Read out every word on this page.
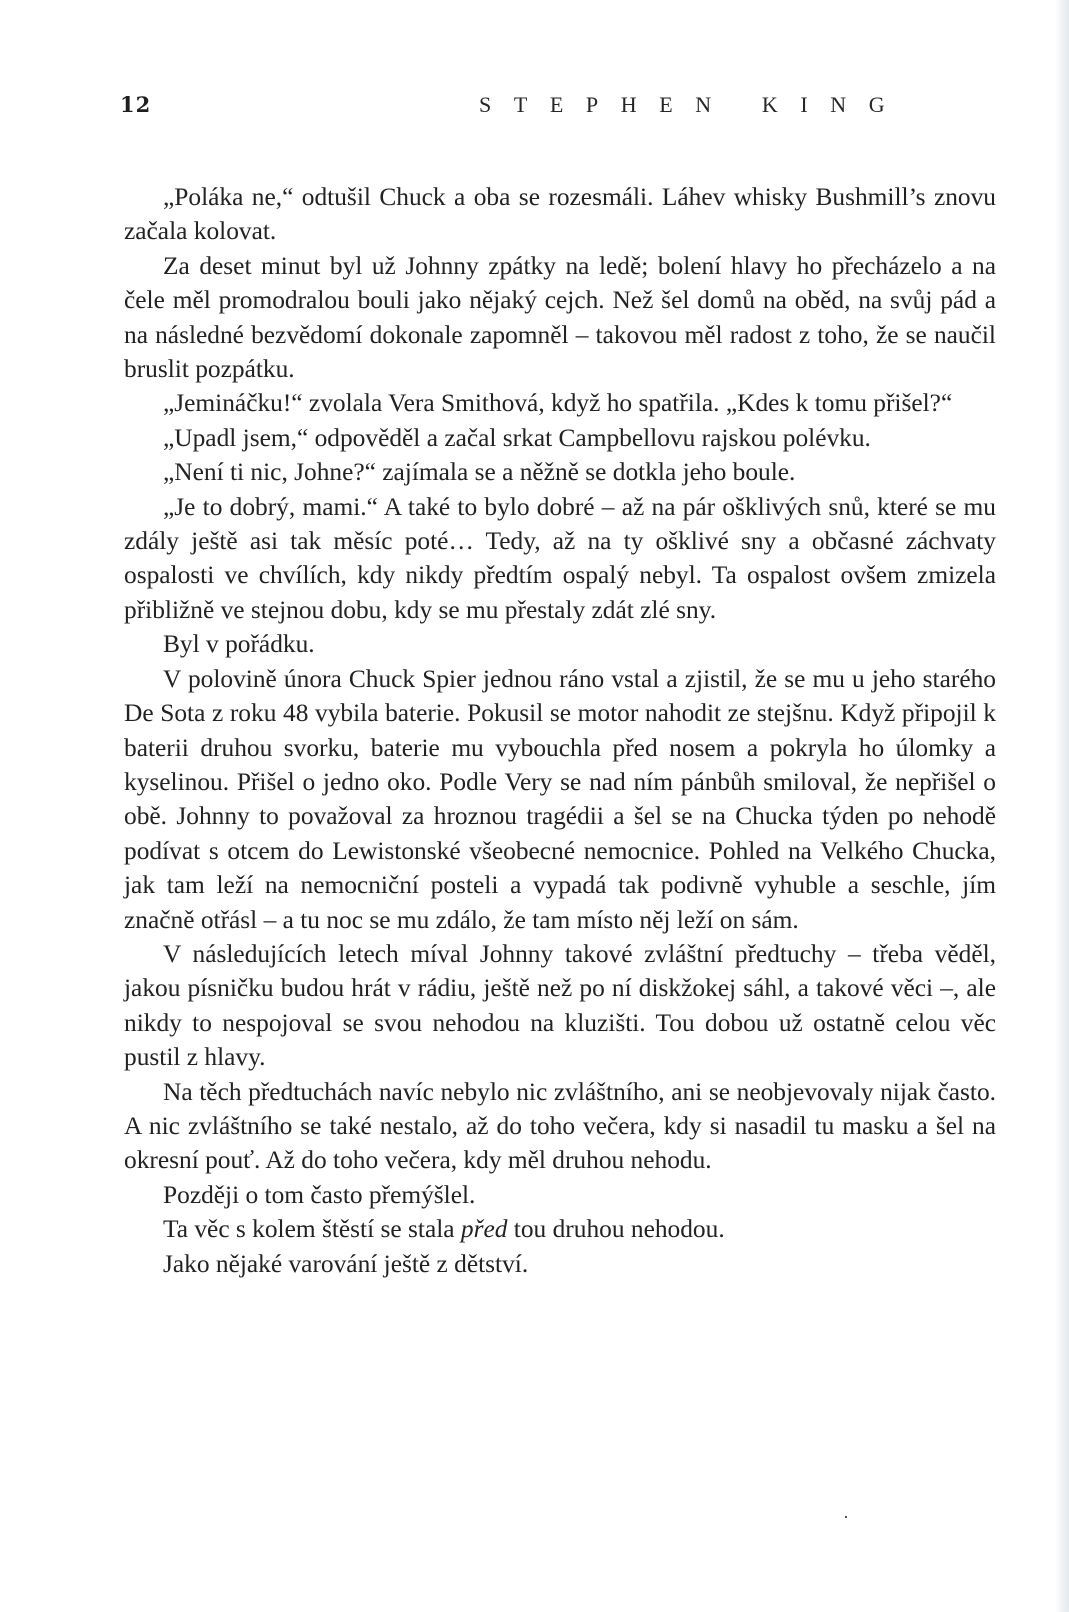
12	STEPHEN KING

„Poláka ne,“ odtušil Chuck a oba se rozesmáli. Láhev whisky Bushmill’s znovu začala kolovat.

Za deset minut byl už Johnny zpátky na ledě; bolení hlavy ho přecházelo a na čele měl promodralou bouli jako nějaký cejch. Než šel domů na oběd, na svůj pád a na následné bezvědomí dokonale zapomněl – takovou měl radost z toho, že se naučil bruslit pozpátku.

„Jemináčku!“ zvolala Vera Smithová, když ho spatřila. „Kdes k tomu přišel?“

„Upadl jsem,“ odpověděl a začal srkat Campbellovu rajskou polévku.

„Není ti nic, Johne?“ zajímala se a něžně se dotkla jeho boule.

„Je to dobrý, mami.“ A také to bylo dobré – až na pár ošklivých snů, které se mu zdály ještě asi tak měsíc poté… Tedy, až na ty ošklivé sny a občasné záchvaty ospalosti ve chvílích, kdy nikdy předtím ospalý nebyl. Ta ospalost ovšem zmizela přibližně ve stejnou dobu, kdy se mu přestaly zdát zlé sny.

Byl v pořádku.

V polovině února Chuck Spier jednou ráno vstal a zjistil, že se mu u jeho starého De Sota z roku 48 vybila baterie. Pokusil se motor nahodit ze stejšnu. Když připojil k baterii druhou svorku, baterie mu vybouchla před nosem a pokryla ho úlomky a kyselinou. Přišel o jedno oko. Podle Very se nad ním pánbůh smiloval, že nepřišel o obě. Johnny to považoval za hroznou tragédii a šel se na Chucka týden po nehodě podívat s otcem do Lewistonské všeobecné nemocnice. Pohled na Velkého Chucka, jak tam leží na nemocniční posteli a vypadá tak podivně vyhuble a seschle, jím značně otřásl – a tu noc se mu zdálo, že tam místo něj leží on sám.

V následujících letech míval Johnny takové zvláštní předtuchy – třeba věděl, jakou písničku budou hrát v rádiu, ještě než po ní diskžokej sáhl, a takové věci –, ale nikdy to nespojoval se svou nehodou na kluzišti. Tou dobou už ostatně celou věc pustil z hlavy.

Na těch předtuchách navíc nebylo nic zvláštního, ani se neobjevovaly nijak často. A nic zvláštního se také nestalo, až do toho večera, kdy si nasadil tu masku a šel na okresní pouť. Až do toho večera, kdy měl druhou nehodu.

Později o tom často přemýšlel.

Ta věc s kolem štěstí se stala před tou druhou nehodou.

Jako nějaké varování ještě z dětství.
